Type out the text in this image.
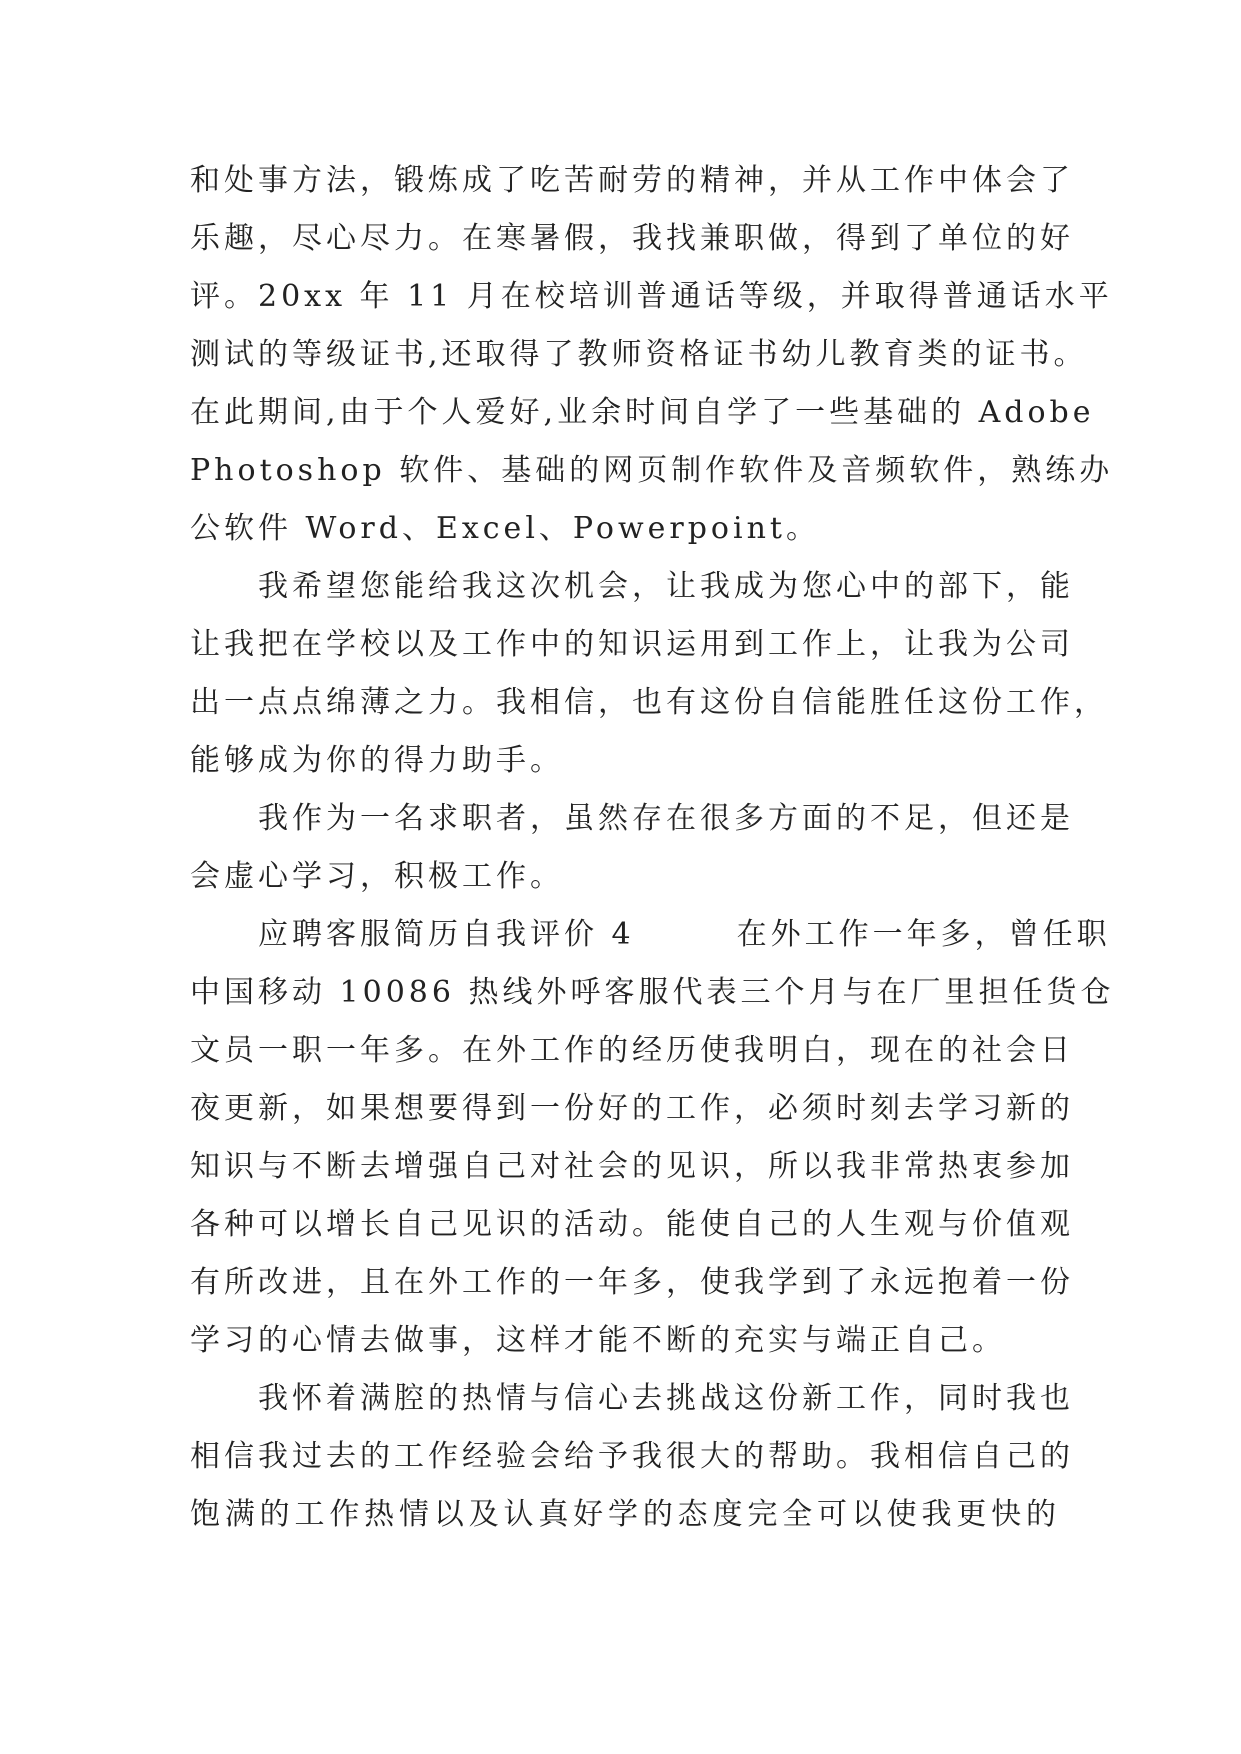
和处事方法，锻炼成了吃苦耐劳的精神，并从工作中体会了
乐趣，尽心尽力。在寒暑假，我找兼职做，得到了单位的好
评。20xx 年 11 月在校培训普通话等级，并取得普通话水平
测试的等级证书,还取得了教师资格证书幼儿教育类的证书。
在此期间,由于个人爱好,业余时间自学了一些基础的 Adobe
Photoshop 软件、基础的网页制作软件及音频软件，熟练办
公软件 Word、Excel、Powerpoint。
我希望您能给我这次机会，让我成为您心中的部下，能
让我把在学校以及工作中的知识运用到工作上，让我为公司
出一点点绵薄之力。我相信，也有这份自信能胜任这份工作，
能够成为你的得力助手。
我作为一名求职者，虽然存在很多方面的不足，但还是
会虚心学习，积极工作。
应聘客服简历自我评价 4　　　在外工作一年多，曾任职
中国移动 10086 热线外呼客服代表三个月与在厂里担任货仓
文员一职一年多。在外工作的经历使我明白，现在的社会日
夜更新，如果想要得到一份好的工作，必须时刻去学习新的
知识与不断去增强自己对社会的见识，所以我非常热衷参加
各种可以增长自己见识的活动。能使自己的人生观与价值观
有所改进，且在外工作的一年多，使我学到了永远抱着一份
学习的心情去做事，这样才能不断的充实与端正自己。
我怀着满腔的热情与信心去挑战这份新工作，同时我也
相信我过去的工作经验会给予我很大的帮助。我相信自己的
饱满的工作热情以及认真好学的态度完全可以使我更快的
